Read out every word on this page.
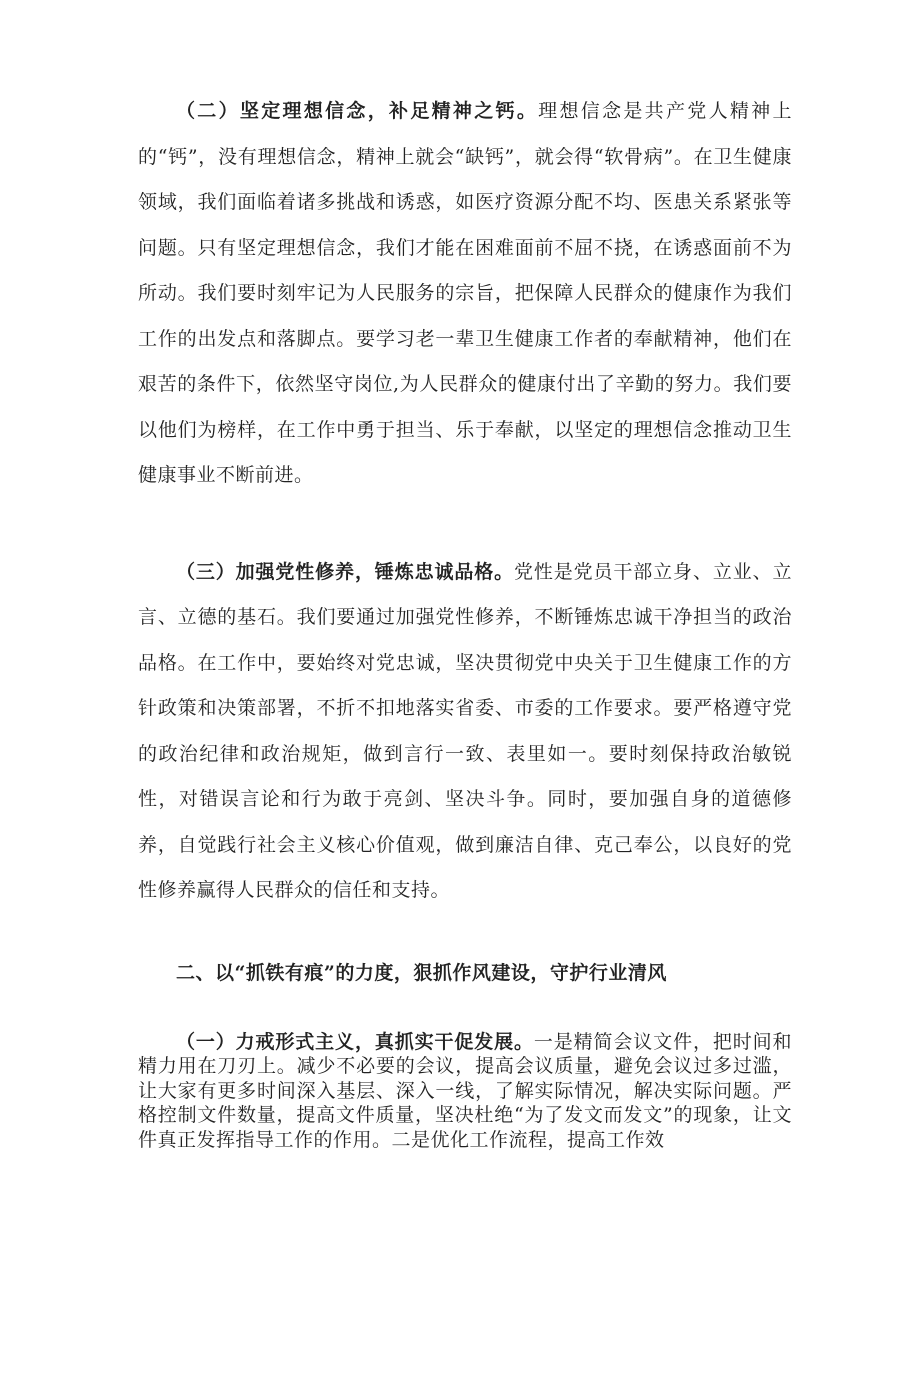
（二）坚定理想信念，补足精神之钙。理想信念是共产党人精神上的“钙”，没有理想信念，精神上就会“缺钙”，就会得“软骨病”。在卫生健康领域，我们面临着诸多挑战和诱惑，如医疗资源分配不均、医患关系紧张等问题。只有坚定理想信念，我们才能在困难面前不屈不挠，在诱惑面前不为所动。我们要时刻牢记为人民服务的宗旨，把保障人民群众的健康作为我们工作的出发点和落脚点。要学习老一辈卫生健康工作者的奉献精神，他们在艰苦的条件下，依然坚守岗位,为人民群众的健康付出了辛勤的努力。我们要以他们为榜样，在工作中勇于担当、乐于奉献，以坚定的理想信念推动卫生健康事业不断前进。

（三）加强党性修养，锤炼忠诚品格。党性是党员干部立身、立业、立言、立德的基石。我们要通过加强党性修养，不断锤炼忠诚干净担当的政治品格。在工作中，要始终对党忠诚，坚决贯彻党中央关于卫生健康工作的方针政策和决策部署，不折不扣地落实省委、市委的工作要求。要严格遵守党的政治纪律和政治规矩，做到言行一致、表里如一。要时刻保持政治敏锐性，对错误言论和行为敢于亮剑、坚决斗争。同时，要加强自身的道德修养，自觉践行社会主义核心价值观，做到廉洁自律、克己奉公，以良好的党性修养赢得人民群众的信任和支持。

二、以“抓铁有痕”的力度，狠抓作风建设，守护行业清风

（一）力戒形式主义，真抓实干促发展。一是精简会议文件，把时间和精力用在刀刃上。减少不必要的会议，提高会议质量，避免会议过多过滥，让大家有更多时间深入基层、深入一线，了解实际情况，解决实际问题。严格控制文件数量，提高文件质量，坚决杜绝“为了发文而发文”的现象，让文件真正发挥指导工作的作用。二是优化工作流程，提高工作效
